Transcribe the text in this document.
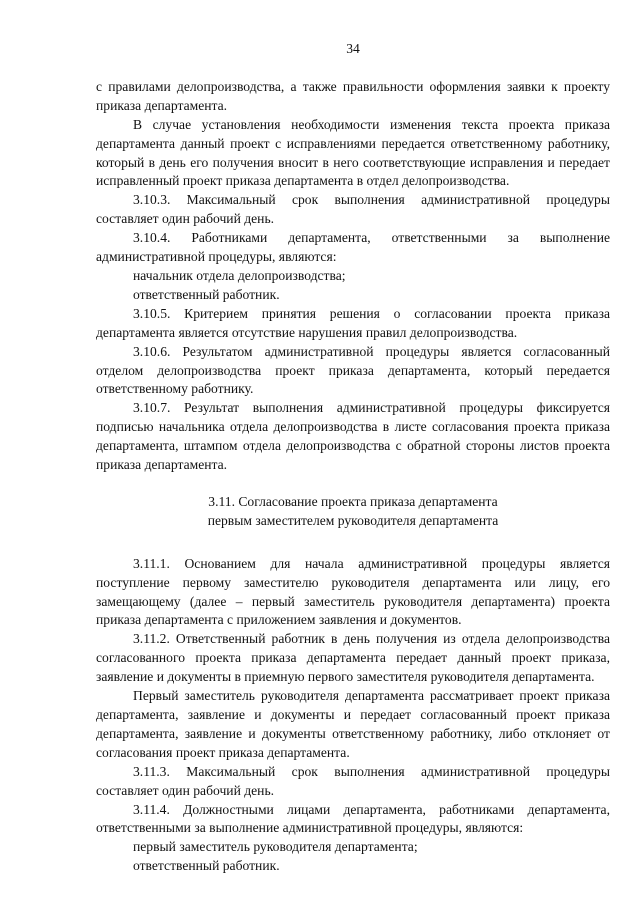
34

с правилами делопроизводства, а также правильности оформления заявки к проекту приказа департамента.

В случае установления необходимости изменения текста проекта приказа департамента данный проект с исправлениями передается ответственному работнику, который в день его получения вносит в него соответствующие исправления и передает исправленный проект приказа департамента в отдел делопроизводства.

3.10.3. Максимальный срок выполнения административной процедуры составляет один рабочий день.

3.10.4. Работниками департамента, ответственными за выполнение административной процедуры, являются:

начальник отдела делопроизводства;

ответственный работник.

3.10.5. Критерием принятия решения о согласовании проекта приказа департамента является отсутствие нарушения правил делопроизводства.

3.10.6. Результатом административной процедуры является согласованный отделом делопроизводства проект приказа департамента, который передается ответственному работнику.

3.10.7. Результат выполнения административной процедуры фиксируется подписью начальника отдела делопроизводства в листе согласования проекта приказа департамента, штампом отдела делопроизводства с обратной стороны листов проекта приказа департамента.

3.11. Согласование проекта приказа департамента
первым заместителем руководителя департамента

3.11.1. Основанием для начала административной процедуры является поступление первому заместителю руководителя департамента или лицу, его замещающему (далее – первый заместитель руководителя департамента) проекта приказа департамента с приложением заявления и документов.

3.11.2. Ответственный работник в день получения из отдела делопроизводства согласованного проекта приказа департамента передает данный проект приказа, заявление и документы в приемную первого заместителя руководителя департамента.

Первый заместитель руководителя департамента рассматривает проект приказа департамента, заявление и документы и передает согласованный проект приказа департамента, заявление и документы ответственному работнику, либо отклоняет от согласования проект приказа департамента.

3.11.3. Максимальный срок выполнения административной процедуры составляет один рабочий день.

3.11.4. Должностными лицами департамента, работниками департамента, ответственными за выполнение административной процедуры, являются:

первый заместитель руководителя департамента;

ответственный работник.
